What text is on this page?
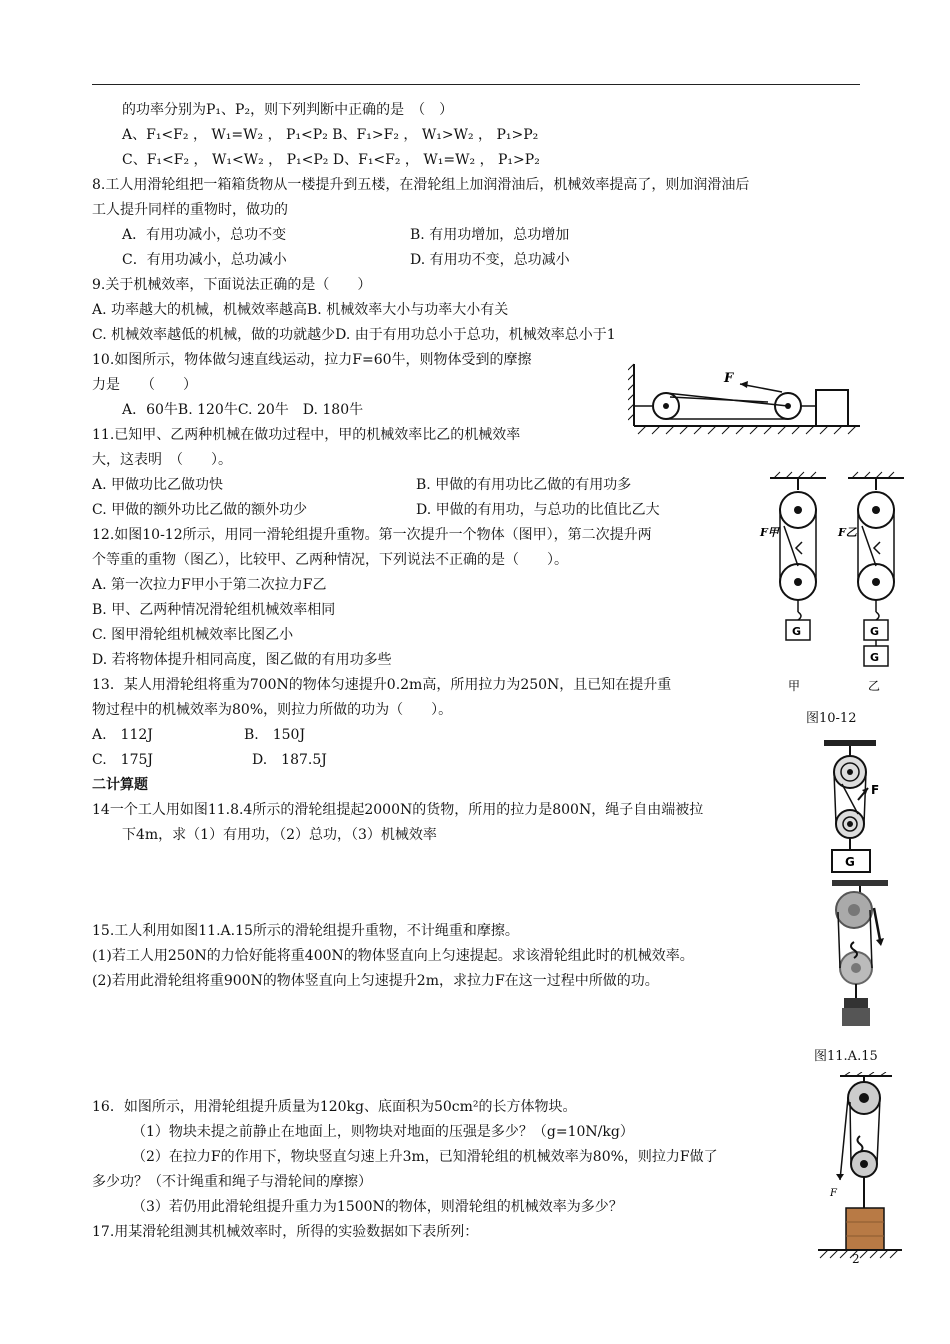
的功率分别为P₁、P₂，则下列判断中正确的是　（　）
A、F₁<F₂ ， W₁=W₂ ， P₁<P₂ B、F₁>F₂ ， W₁>W₂ ， P₁>P₂
C、F₁<F₂ ， W₁<W₂ ， P₁<P₂ D、F₁<F₂ ， W₁=W₂ ， P₁>P₂
8.工人用滑轮组把一箱箱货物从一楼提升到五楼，在滑轮组上加润滑油后，机械效率提高了，则加润滑油后
工人提升同样的重物时，做功的
A．有用功减小，总功不变	B. 有用功增加，总功增加
C．有用功减小，总功减小	D. 有用功不变，总功减小
9.关于机械效率，下面说法正确的是（　　）
A. 功率越大的机械，机械效率越高B. 机械效率大小与功率大小有关
C. 机械效率越低的机械，做的功就越少D. 由于有用功总小于总功，机械效率总小于1
10.如图所示，物体做匀速直线运动，拉力F=60牛，则物体受到的摩擦
力是　　（　　）
A．60牛B. 120牛C. 20牛　D. 180牛
11.已知甲、乙两种机械在做功过程中，甲的机械效率比乙的机械效率
大，这表明　（　　）。
A. 甲做功比乙做功快	B. 甲做的有用功比乙做的有用功多
C. 甲做的额外功比乙做的额外功少	D. 甲做的有用功，与总功的比值比乙大
12.如图10-12所示，用同一滑轮组提升重物。第一次提升一个物体（图甲），第二次提升两
个等重的重物（图乙），比较甲、乙两种情况，下列说法不正确的是（　　）。
A. 第一次拉力F甲小于第二次拉力F乙
B. 甲、乙两种情况滑轮组机械效率相同
C. 图甲滑轮组机械效率比图乙小
D. 若将物体提升相同高度，图乙做的有用功多些
13．某人用滑轮组将重为700N的物体匀速提升0.2m高，所用拉力为250N，且已知在提升重
物过程中的机械效率为80%，则拉力所做的功为（　　）。
A.　112J	B.　150J
C.　175J	D.　187.5J
二计算题
14一个工人用如图11.8.4所示的滑轮组提起2000N的货物，所用的拉力是800N，绳子自由端被拉
下4m，求（1）有用功，（2）总功，（3）机械效率
15.工人利用如图11.A.15所示的滑轮组提升重物，不计绳重和摩擦。
(1)若工人用250N的力恰好能将重400N的物体竖直向上匀速提起。求该滑轮组此时的机械效率。
(2)若用此滑轮组将重900N的物体竖直向上匀速提升2m，求拉力F在这一过程中所做的功。
16．如图所示，用滑轮组提升质量为120kg、底面积为50cm²的长方体物块。
（1）物块未提之前静止在地面上，则物块对地面的压强是多少？（g=10N/kg）
（2）在拉力F的作用下，物块竖直匀速上升3m，已知滑轮组的机械效率为80%，则拉力F做了
多少功？（不计绳重和绳子与滑轮间的摩擦）
（3）若仍用此滑轮组提升重力为1500N的物体，则滑轮组的机械效率为多少？
17.用某滑轮组测其机械效率时，所得的实验数据如下表所列：
F
G
F甲
甲
G
G
F乙
乙
图10-12
F
G
图11.A.15
F
2
